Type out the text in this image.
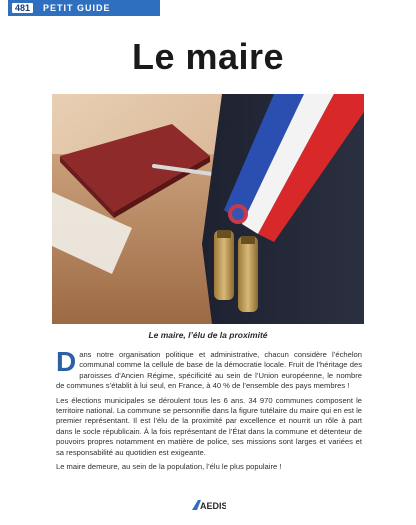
481	PETIT GUIDE
Le maire
Le maire, l’élu de la proximité

D ans notre organisation politique et administrative, chacun considère l’échelon communal comme la cellule de base de la démocratie locale. Fruit de l’héritage des paroisses d’Ancien Régime, spécificité au sein de l’Union européenne, le nombre de communes s’établit à lui seul, en France, à 40 % de l’ensemble des pays membres !

Les élections municipales se déroulent tous les 6 ans. 34 970 communes composent le territoire national. La commune se personnifie dans la figure tutélaire du maire qui en est le premier représentant. Il est l’élu de la proximité par excellence et nourrit un rôle à part dans le socle républicain. À la fois représentant de l’État dans la commune et détenteur de pouvoirs propres notamment en matière de police, ses missions sont larges et variées et sa responsabilité au quotidien est exigeante.

Le maire demeure, au sein de la population, l’élu le plus populaire !

AEDIS
